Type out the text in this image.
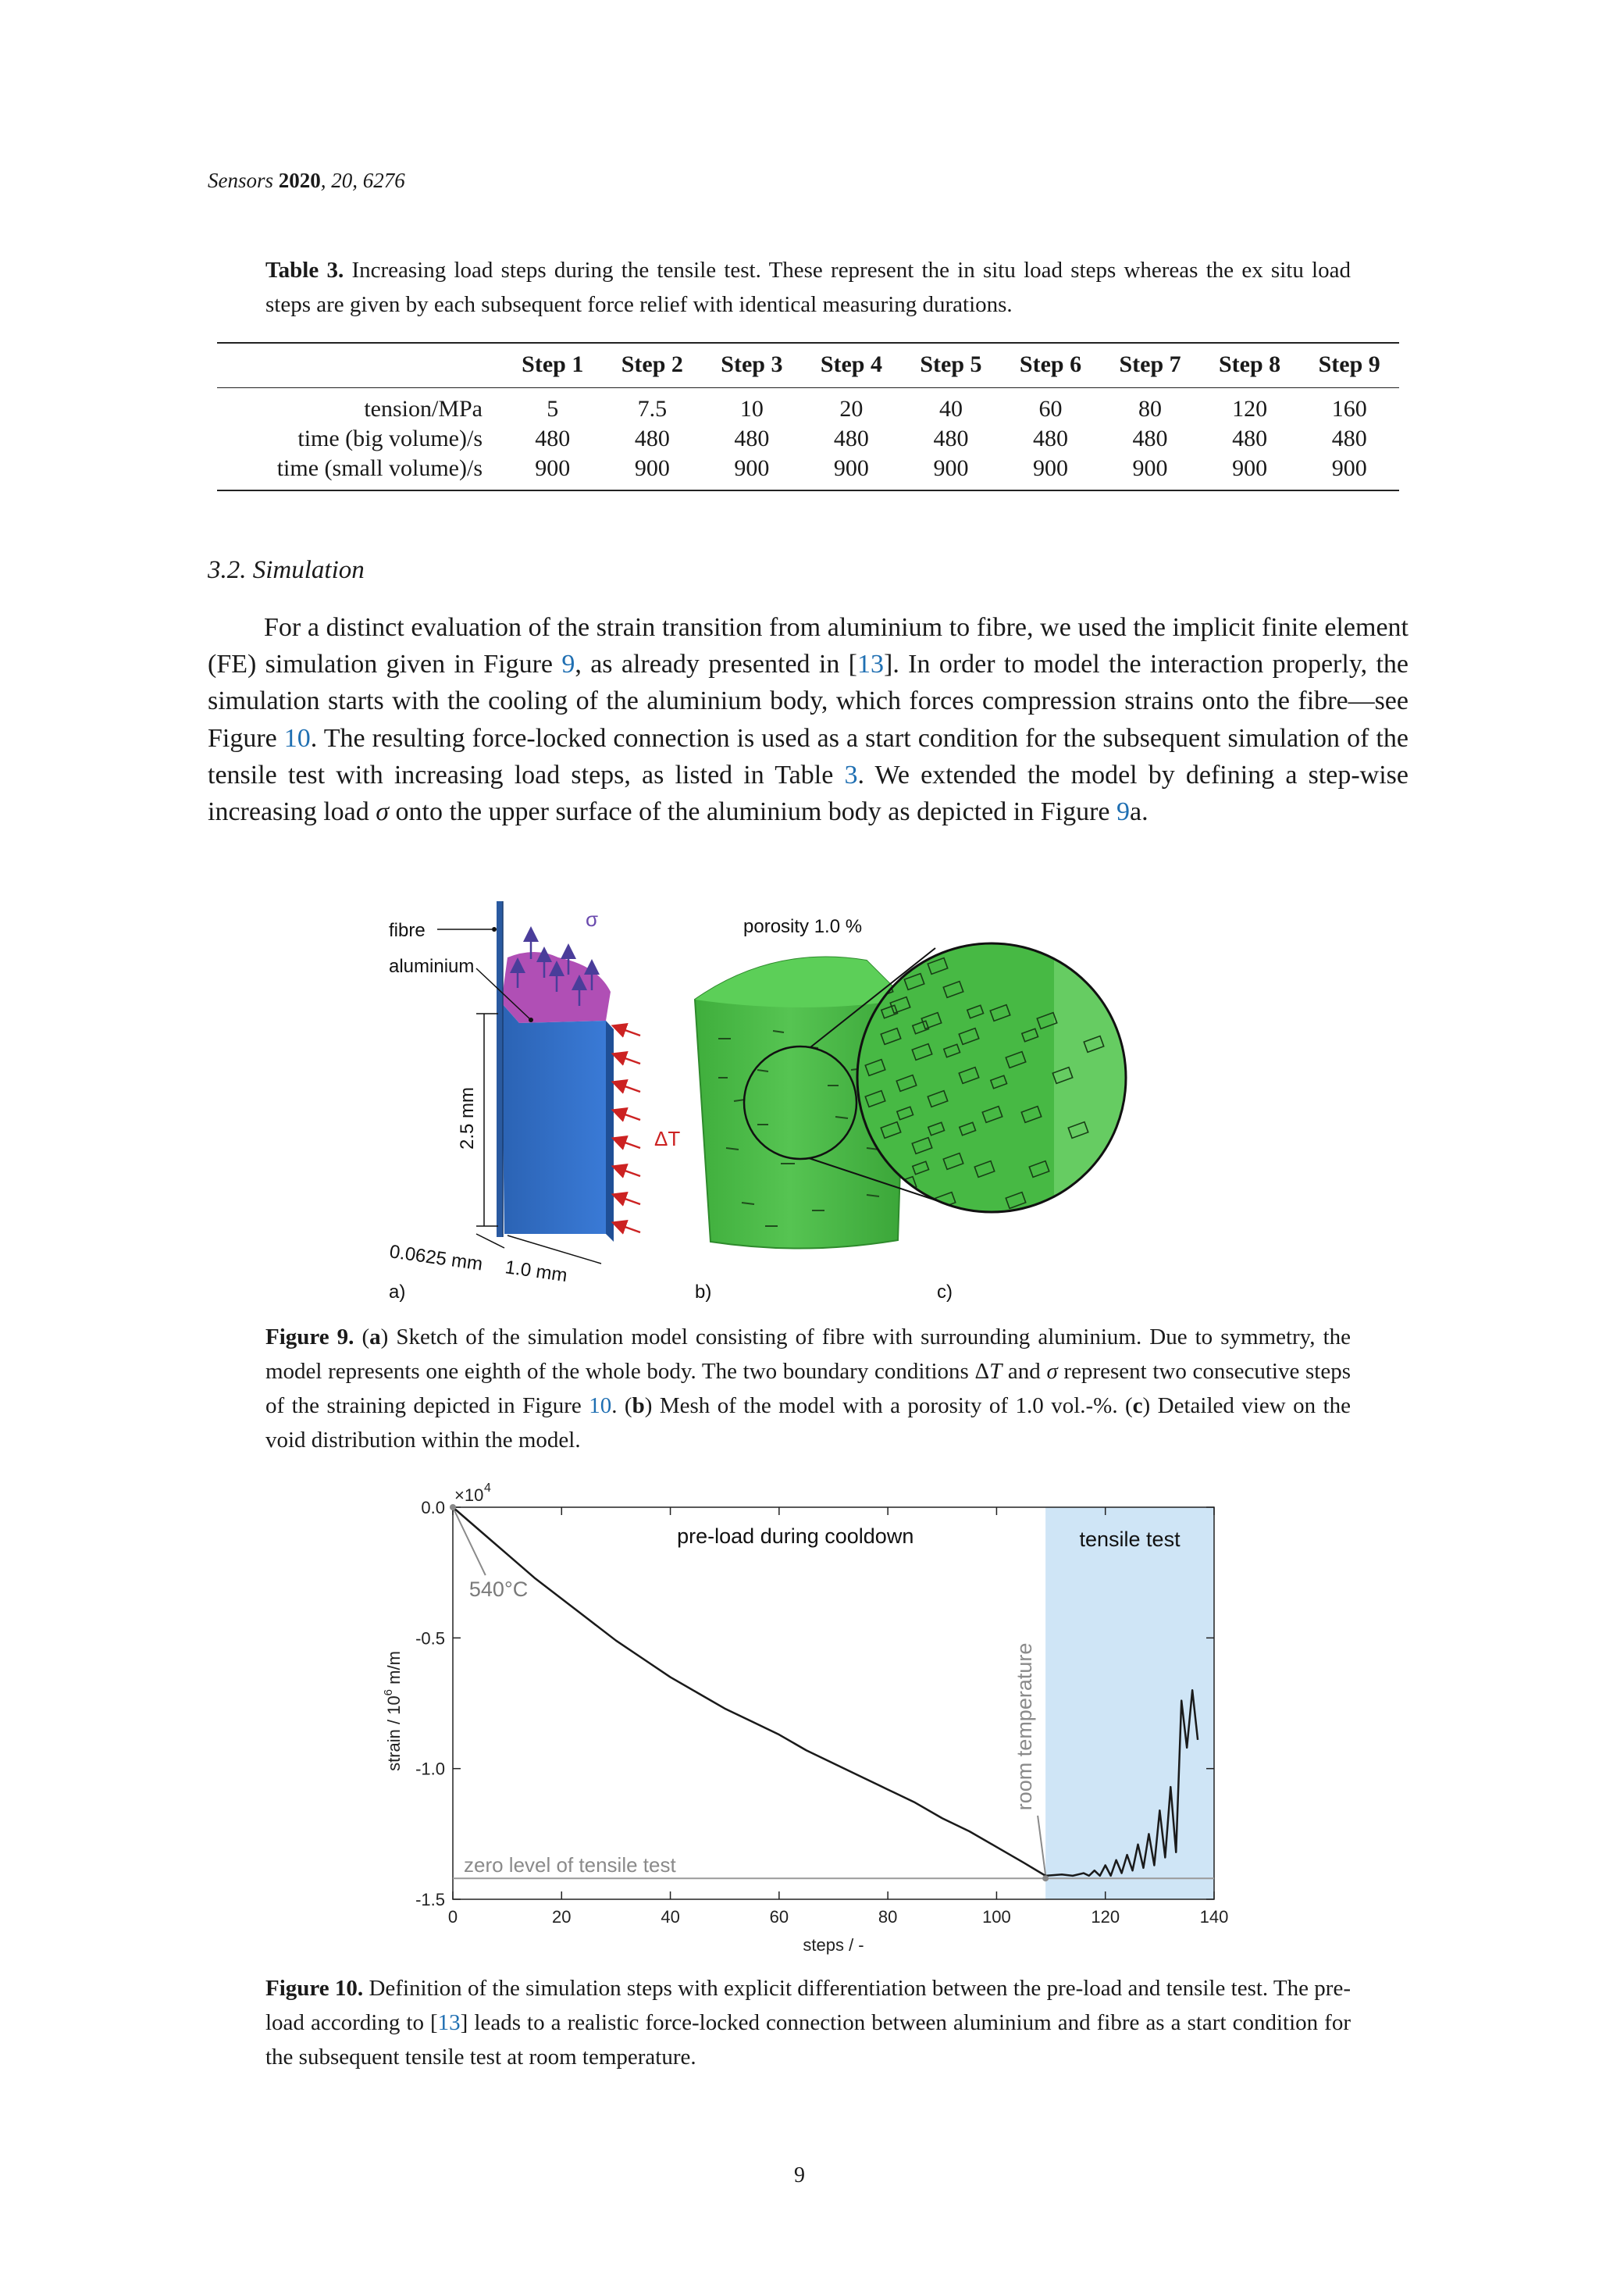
Sensors 2020, 20, 6276
Table 3. Increasing load steps during the tensile test. These represent the in situ load steps whereas the ex situ load steps are given by each subsequent force relief with identical measuring durations.
	Step 1	Step 2	Step 3	Step 4	Step 5	Step 6	Step 7	Step 8	Step 9
tension/MPa	5	7.5	10	20	40	60	80	120	160
time (big volume)/s	480	480	480	480	480	480	480	480	480
time (small volume)/s	900	900	900	900	900	900	900	900	900
3.2. Simulation
For a distinct evaluation of the strain transition from aluminium to fibre, we used the implicit finite element (FE) simulation given in Figure 9, as already presented in [13]. In order to model the interaction properly, the simulation starts with the cooling of the aluminium body, which forces compression strains onto the fibre—see Figure 10. The resulting force-locked connection is used as a start condition for the subsequent simulation of the tensile test with increasing load steps, as listed in Table 3. We extended the model by defining a step-wise increasing load σ onto the upper surface of the aluminium body as depicted in Figure 9a.
fibre
aluminium
σ
2.5 mm	ΔT
0.0625 mm 1.0 mm
a)
porosity 1.0 %
b)	c)
Figure 9. (a) Sketch of the simulation model consisting of fibre with surrounding aluminium. Due to symmetry, the model represents one eighth of the whole body. The two boundary conditions ΔT and σ represent two consecutive steps of the straining depicted in Figure 10. (b) Mesh of the model with a porosity of 1.0 vol.-%. (c) Detailed view on the void distribution within the model.
0	20	40	60	80	100	120	140
0.0
-0.5
-1.0
-1.5
×10 4
steps / -
strain / $10^6$ m/m
pre-load during cooldown	tensile test
540°C
room temperature
zero level of tensile test
Figure 10. Definition of the simulation steps with explicit differentiation between the pre-load and tensile test. The pre-load according to [13] leads to a realistic force-locked connection between aluminium and fibre as a start condition for the subsequent tensile test at room temperature.
9
